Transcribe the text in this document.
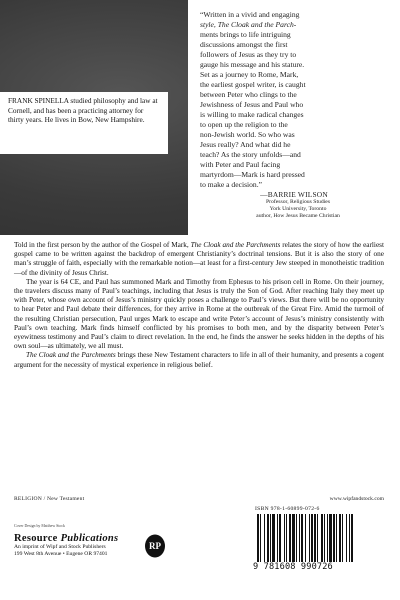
FRANK SPINELLA studied philosophy and law at Cornell, and has been a practicing attorney for thirty years. He lives in Bow, New Hampshire.
“Written in a vivid and engaging
style, The Cloak and the Parch-
ments brings to life intriguing
discussions amongst the first
followers of Jesus as they try to
gauge his message and his stature.
Set as a journey to Rome, Mark,
the earliest gospel writer, is caught
between Peter who clings to the
Jewishness of Jesus and Paul who
is willing to make radical changes
to open up the religion to the
non-Jewish world. So who was
Jesus really? And what did he
teach? As the story unfolds—and
with Peter and Paul facing
martyrdom—Mark is hard pressed
to make a decision.”
—BARRIE WILSON
Professor, Religious Studies
York University, Toronto
author, How Jesus Became Christian

Told in the first person by the author of the Gospel of Mark, The Cloak and the Parchments relates the story of how the earliest gospel came to be written against the backdrop of emergent Christianity’s doctrinal tensions. But it is also the story of one man’s struggle of faith, especially with the remarkable notion—at least for a first-century Jew steeped in monotheistic tradition—of the divinity of Jesus Christ.

The year is 64 CE, and Paul has summoned Mark and Timothy from Ephesus to his prison cell in Rome. On their journey, the travelers discuss many of Paul’s teachings, including that Jesus is truly the Son of God. After reaching Italy they meet up with Peter, whose own account of Jesus’s ministry quickly poses a challenge to Paul’s views. But there will be no opportunity to hear Peter and Paul debate their differences, for they arrive in Rome at the outbreak of the Great Fire. Amid the turmoil of the resulting Christian persecution, Paul urges Mark to escape and write Peter’s account of Jesus’s ministry consistently with Paul’s own teaching. Mark finds himself conflicted by his promises to both men, and by the disparity between Peter’s eyewitness testimony and Paul’s claim to direct revelation. In the end, he finds the answer he seeks hidden in the depths of his own soul—as ultimately, we all must.

The Cloak and the Parchments brings these New Testament characters to life in all of their humanity, and presents a cogent argument for the necessity of mystical experience in religious belief.

RELIGION / New Testament	www.wipfandstock.com
Cover Design by Matthew Stock
Resource Publications
An imprint of Wipf and Stock Publishers
199 West 8th Avenue • Eugene OR 97401
RP
ISBN 978-1-60899-072-6
9 781608 990726
